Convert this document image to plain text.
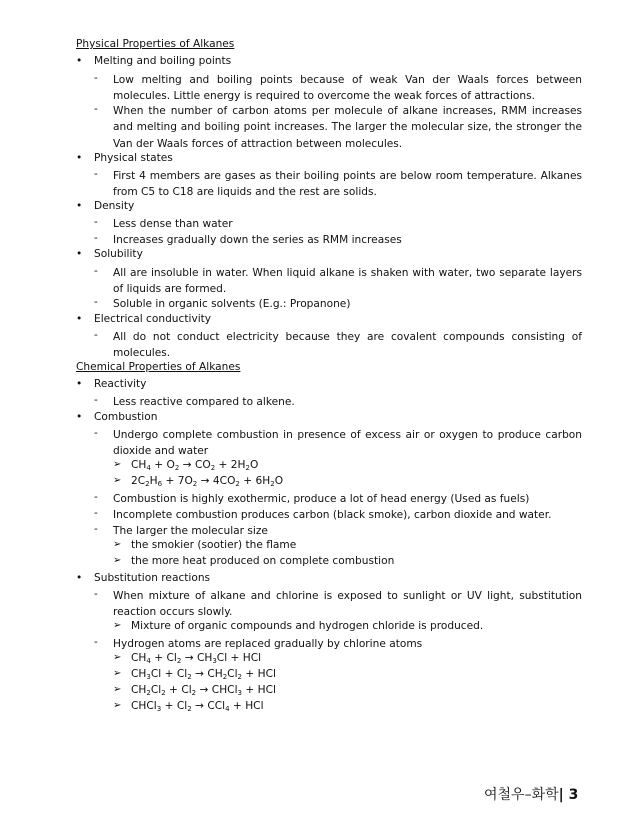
Physical Properties of Alkanes
• Melting and boiling points
- Low melting and boiling points because of weak Van der Waals forces between molecules. Little energy is required to overcome the weak forces of attractions.
- When the number of carbon atoms per molecule of alkane increases, RMM increases and melting and boiling point increases. The larger the molecular size, the stronger the Van der Waals forces of attraction between molecules.
• Physical states
- First 4 members are gases as their boiling points are below room temperature. Alkanes from C5 to C18 are liquids and the rest are solids.
• Density
- Less dense than water
- Increases gradually down the series as RMM increases
• Solubility
- All are insoluble in water. When liquid alkane is shaken with water, two separate layers of liquids are formed.
- Soluble in organic solvents (E.g.: Propanone)
• Electrical conductivity
- All do not conduct electricity because they are covalent compounds consisting of molecules.
Chemical Properties of Alkanes
• Reactivity
- Less reactive compared to alkene.
• Combustion
- Undergo complete combustion in presence of excess air or oxygen to produce carbon dioxide and water
➢ $CH_4 + O_2 \to CO_2 + 2H_2O$
➢ $2C_2H_6 + 7O_2 \to 4CO_2 + 6H_2O$
- Combustion is highly exothermic, produce a lot of head energy (Used as fuels)
- Incomplete combustion produces carbon (black smoke), carbon dioxide and water.
- The larger the molecular size
➢ the smokier (sootier) the flame
➢ the more heat produced on complete combustion
• Substitution reactions
- When mixture of alkane and chlorine is exposed to sunlight or UV light, substitution reaction occurs slowly.
➢ Mixture of organic compounds and hydrogen chloride is produced.
- Hydrogen atoms are replaced gradually by chlorine atoms
➢ $CH_4 + Cl_2 \to CH_3Cl$ + HCl
➢ $CH_3Cl + Cl_2 \to CH_2Cl_2$ + HCl
➢ $CH_2Cl_2 + Cl_2$ → CHCl$_3$ + HCl
➢ CHCl$_3$ + $Cl_2 \to CCl_4$ + HCl
여철우–화학| 3
